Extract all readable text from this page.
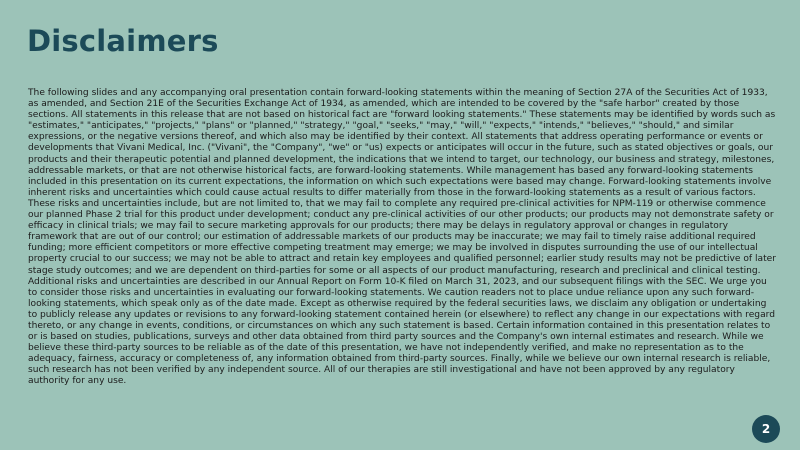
Disclaimers

The following slides and any accompanying oral presentation contain forward-looking statements within the meaning of Section 27A of the Securities Act of 1933, as amended, and Section 21E of the Securities Exchange Act of 1934, as amended, which are intended to be covered by the "safe harbor" created by those sections. All statements in this release that are not based on historical fact are "forward looking statements." These statements may be identified by words such as "estimates," "anticipates," "projects," "plans" or "planned," "strategy," "goal," "seeks," "may," "will," "expects," "intends," "believes," "should," and similar expressions, or the negative versions thereof, and which also may be identified by their context. All statements that address operating performance or events or developments that Vivani Medical, Inc. ("Vivani", the "Company", "we" or "us) expects or anticipates will occur in the future, such as stated objectives or goals, our products and their therapeutic potential and planned development, the indications that we intend to target, our technology, our business and strategy, milestones, addressable markets, or that are not otherwise historical facts, are forward-looking statements. While management has based any forward-looking statements included in this presentation on its current expectations, the information on which such expectations were based may change. Forward-looking statements involve inherent risks and uncertainties which could cause actual results to differ materially from those in the forward-looking statements as a result of various factors. These risks and uncertainties include, but are not limited to, that we may fail to complete any required pre-clinical activities for NPM-119 or otherwise commence our planned Phase 2 trial for this product under development; conduct any pre-clinical activities of our other products; our products may not demonstrate safety or efficacy in clinical trials; we may fail to secure marketing approvals for our products; there may be delays in regulatory approval or changes in regulatory framework that are out of our control; our estimation of addressable markets of our products may be inaccurate; we may fail to timely raise additional required funding; more efficient competitors or more effective competing treatment may emerge; we may be involved in disputes surrounding the use of our intellectual property crucial to our success; we may not be able to attract and retain key employees and qualified personnel; earlier study results may not be predictive of later stage study outcomes; and we are dependent on third-parties for some or all aspects of our product manufacturing, research and preclinical and clinical testing. Additional risks and uncertainties are described in our Annual Report on Form 10-K filed on March 31, 2023, and our subsequent filings with the SEC. We urge you to consider those risks and uncertainties in evaluating our forward-looking statements. We caution readers not to place undue reliance upon any such forward-looking statements, which speak only as of the date made. Except as otherwise required by the federal securities laws, we disclaim any obligation or undertaking to publicly release any updates or revisions to any forward-looking statement contained herein (or elsewhere) to reflect any change in our expectations with regard thereto, or any change in events, conditions, or circumstances on which any such statement is based. Certain information contained in this presentation relates to or is based on studies, publications, surveys and other data obtained from third party sources and the Company's own internal estimates and research. While we believe these third-party sources to be reliable as of the date of this presentation, we have not independently verified, and make no representation as to the adequacy, fairness, accuracy or completeness of, any information obtained from third-party sources. Finally, while we believe our own internal research is reliable, such research has not been verified by any independent source. All of our therapies are still investigational and have not been approved by any regulatory authority for any use.

2
